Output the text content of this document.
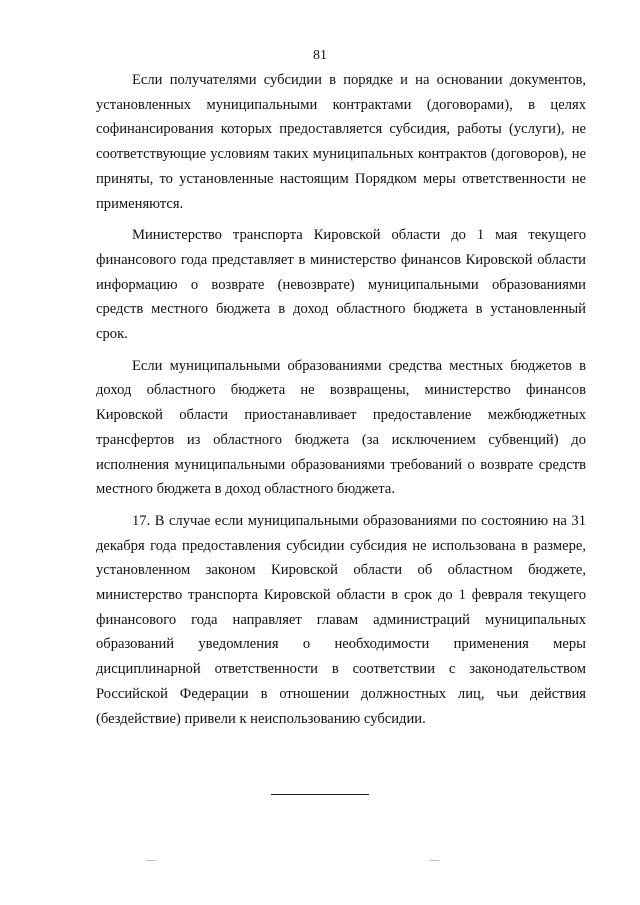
81

Если получателями субсидии в порядке и на основании документов, установленных муниципальными контрактами (договорами), в целях софинансирования которых предоставляется субсидия, работы (услуги), не соответствующие условиям таких муниципальных контрактов (договоров), не приняты, то установленные настоящим Порядком меры ответственности не применяются.

Министерство транспорта Кировской области до 1 мая текущего финансового года представляет в министерство финансов Кировской области информацию о возврате (невозврате) муниципальными образованиями средств местного бюджета в доход областного бюджета в установленный срок.

Если муниципальными образованиями средства местных бюджетов в доход областного бюджета не возвращены, министерство финансов Кировской области приостанавливает предоставление межбюджетных трансфертов из областного бюджета (за исключением субвенций) до исполнения муниципальными образованиями требований о возврате средств местного бюджета в доход областного бюджета.

17. В случае если муниципальными образованиями по состоянию на 31 декабря года предоставления субсидии субсидия не использована в размере, установленном законом Кировской области об областном бюджете, министерство транспорта Кировской области в срок до 1 февраля текущего финансового года направляет главам администраций муниципальных образований уведомления о необходимости применения меры дисциплинарной ответственности в соответствии с законодательством Российской Федерации в отношении должностных лиц, чьи действия (бездействие) привели к неиспользованию субсидии.
